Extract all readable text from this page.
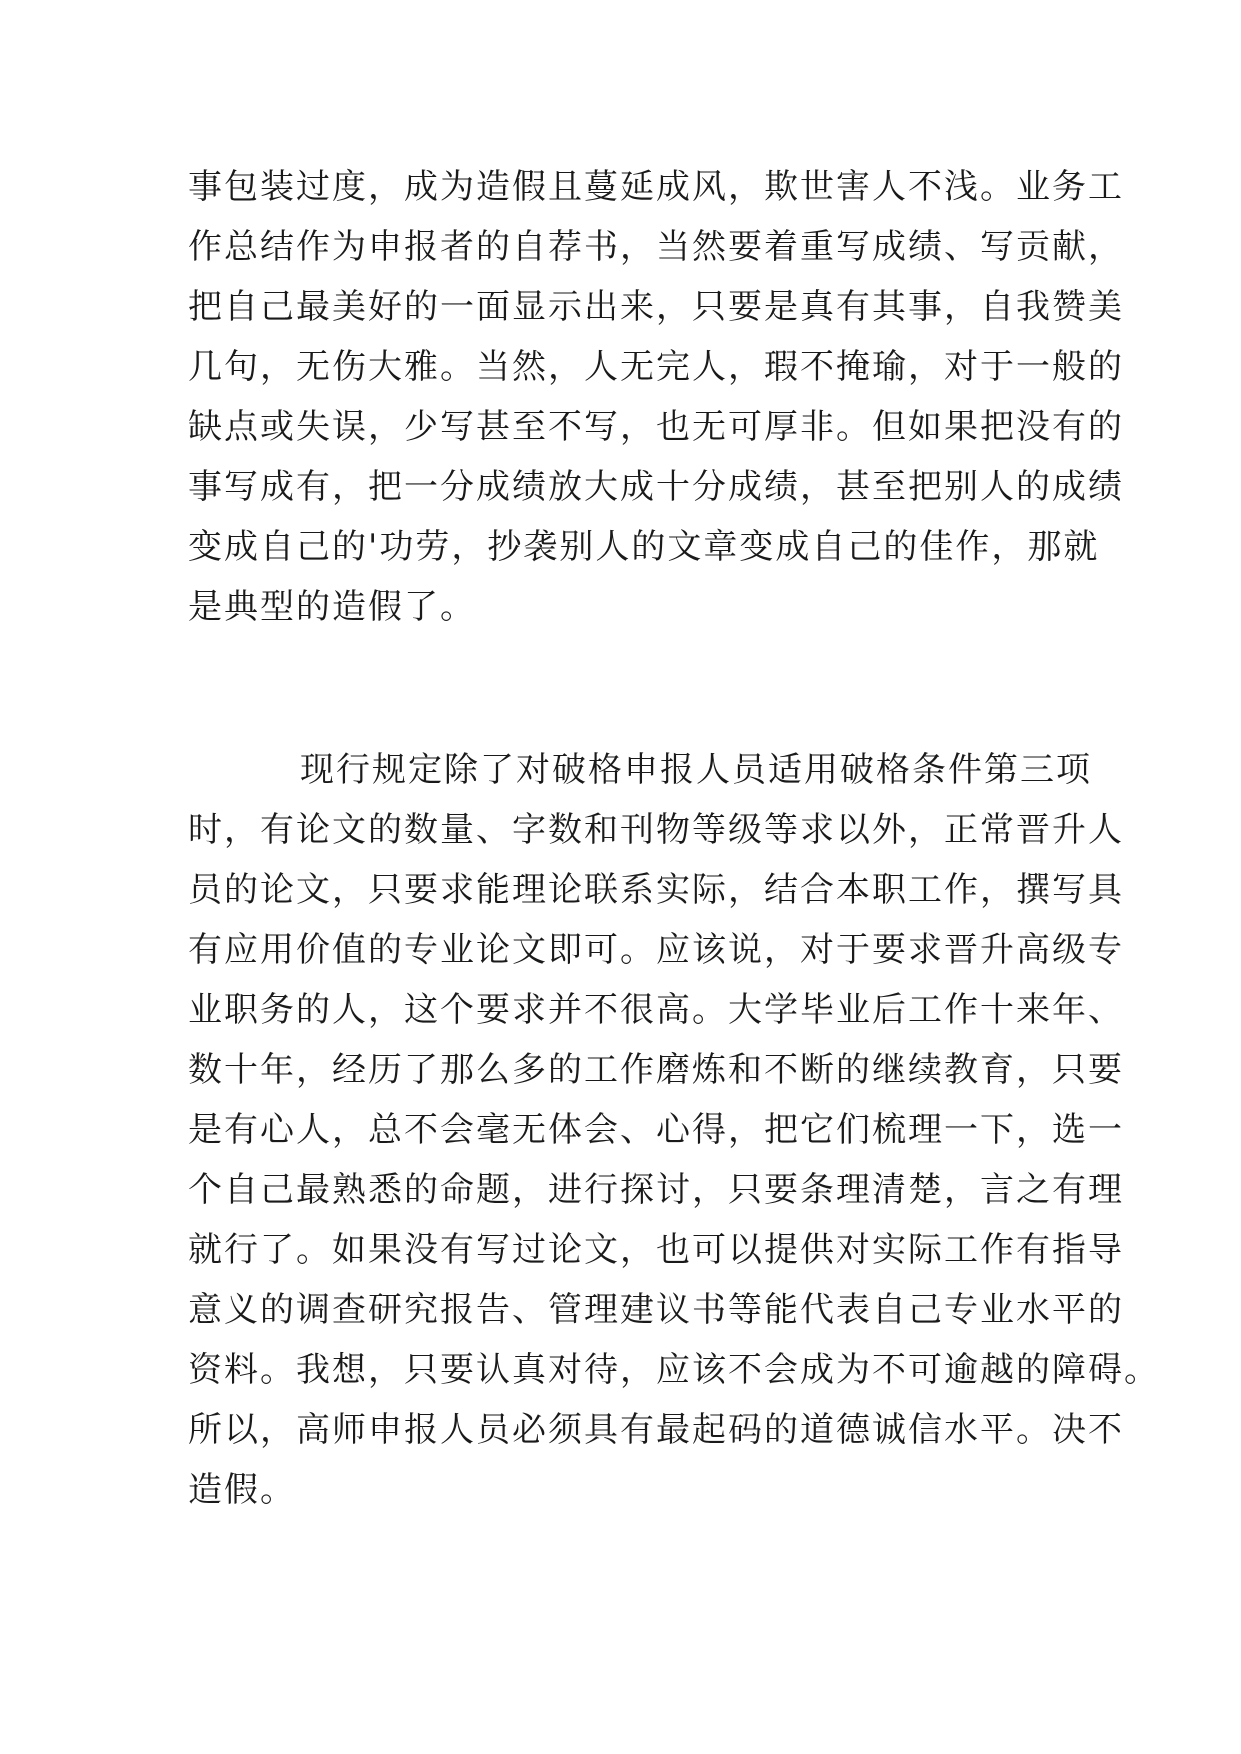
事包装过度，成为造假且蔓延成风，欺世害人不浅。业务工
作总结作为申报者的自荐书，当然要着重写成绩、写贡献，
把自己最美好的一面显示出来，只要是真有其事，自我赞美
几句，无伤大雅。当然，人无完人，瑕不掩瑜，对于一般的
缺点或失误，少写甚至不写，也无可厚非。但如果把没有的
事写成有，把一分成绩放大成十分成绩，甚至把别人的成绩
变成自己的'功劳，抄袭别人的文章变成自己的佳作，那就
是典型的造假了。
现行规定除了对破格申报人员适用破格条件第三项
时，有论文的数量、字数和刊物等级等求以外，正常晋升人
员的论文，只要求能理论联系实际，结合本职工作，撰写具
有应用价值的专业论文即可。应该说，对于要求晋升高级专
业职务的人，这个要求并不很高。大学毕业后工作十来年、
数十年，经历了那么多的工作磨炼和不断的继续教育，只要
是有心人，总不会毫无体会、心得，把它们梳理一下，选一
个自己最熟悉的命题，进行探讨，只要条理清楚，言之有理
就行了。如果没有写过论文，也可以提供对实际工作有指导
意义的调查研究报告、管理建议书等能代表自己专业水平的
资料。我想，只要认真对待，应该不会成为不可逾越的障碍。
所以，高师申报人员必须具有最起码的道德诚信水平。决不
造假。
